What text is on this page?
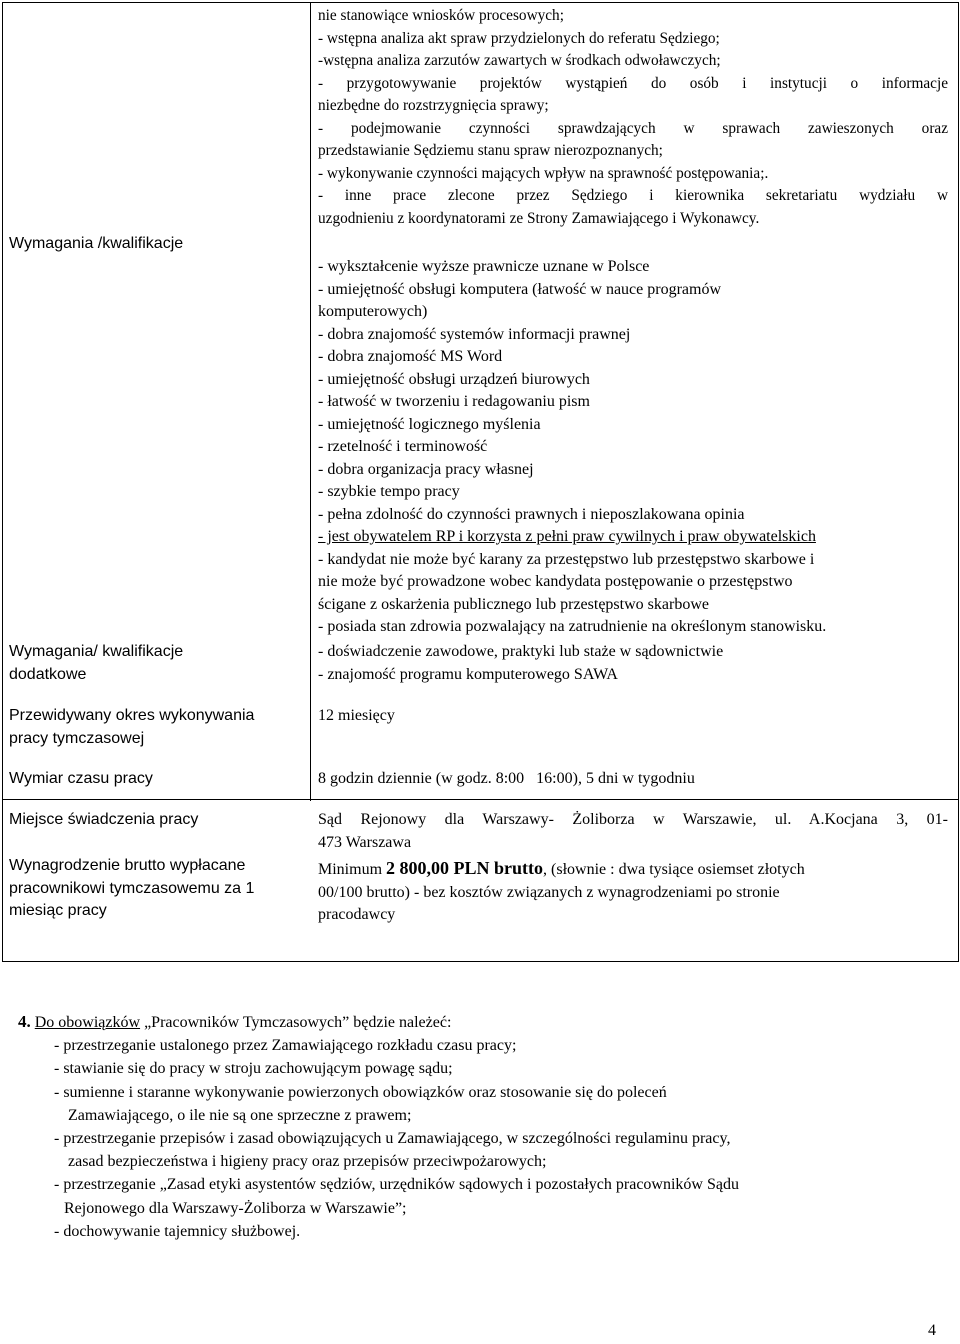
nie stanowiące wniosków procesowych;
- wstępna analiza akt spraw przydzielonych do referatu Sędziego;
-wstępna analiza zarzutów zawartych w środkach odwoławczych;
- przygotowywanie projektów wystąpień do osób i instytucji o informacje
niezbędne do rozstrzygnięcia sprawy;
- podejmowanie czynności sprawdzających w sprawach zawieszonych oraz
przedstawianie Sędziemu stanu spraw nierozpoznanych;
- wykonywanie czynności mających wpływ na sprawność postępowania;.
- inne prace zlecone przez Sędziego i kierownika sekretariatu wydziału w
uzgodnieniu z koordynatorami ze Strony Zamawiającego i Wykonawcy.
Wymagania /kwalifikacje
- wykształcenie wyższe prawnicze uznane w Polsce
- umiejętność obsługi komputera (łatwość w nauce programów
komputerowych)
- dobra znajomość systemów informacji prawnej
- dobra znajomość MS Word
- umiejętność obsługi urządzeń biurowych
- łatwość w tworzeniu i redagowaniu pism
- umiejętność logicznego myślenia
- rzetelność i terminowość
- dobra organizacja pracy własnej
- szybkie tempo pracy
- pełna zdolność do czynności prawnych i nieposzlakowana opinia
- jest obywatelem RP i korzysta z pełni praw cywilnych i praw obywatelskich
- kandydat nie może być karany za przestępstwo lub przestępstwo skarbowe i
nie może być prowadzone wobec kandydata postępowanie o przestępstwo
ścigane z oskarżenia publicznego lub przestępstwo skarbowe
- posiada stan zdrowia pozwalający na zatrudnienie na określonym stanowisku.
Wymagania/ kwalifikacje
dodatkowe
- doświadczenie zawodowe, praktyki lub staże w sądownictwie
- znajomość programu komputerowego SAWA
Przewidywany okres wykonywania
pracy tymczasowej
12 miesięcy
Wymiar czasu pracy	8 godzin dziennie (w godz. 8:00   16:00), 5 dni w tygodniu
Miejsce świadczenia pracy	Sąd Rejonowy dla Warszawy- Żoliborza w Warszawie, ul. A.Kocjana 3, 01-
473 Warszawa
Wynagrodzenie brutto wypłacane
pracownikowi tymczasowemu za 1
miesiąc pracy
Minimum 2 800,00 PLN brutto, (słownie : dwa tysiące osiemset złotych
00/100 brutto) - bez kosztów związanych z wynagrodzeniami po stronie
pracodawcy
4. Do obowiązków „Pracowników Tymczasowych” będzie należeć:
- przestrzeganie ustalonego przez Zamawiającego rozkładu czasu pracy;
- stawianie się do pracy w stroju zachowującym powagę sądu;
- sumienne i staranne wykonywanie powierzonych obowiązków oraz stosowanie się do poleceń
Zamawiającego, o ile nie są one sprzeczne z prawem;
- przestrzeganie przepisów i zasad obowiązujących u Zamawiającego, w szczególności regulaminu pracy,
zasad bezpieczeństwa i higieny pracy oraz przepisów przeciwpożarowych;
- przestrzeganie „Zasad etyki asystentów sędziów, urzędników sądowych i pozostałych pracowników Sądu
Rejonowego dla Warszawy-Żoliborza w Warszawie”;
- dochowywanie tajemnicy służbowej.
4
